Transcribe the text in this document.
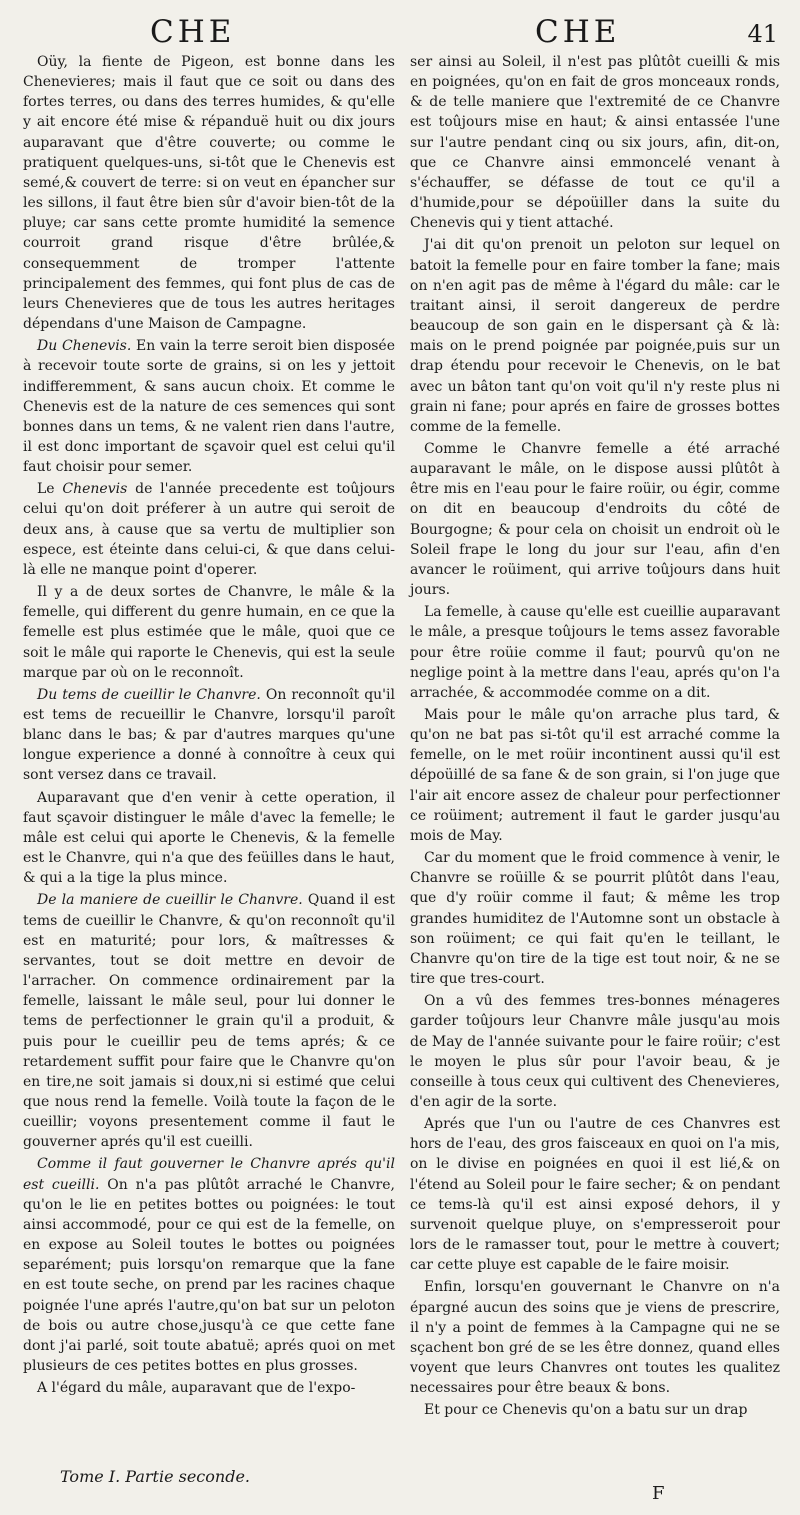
CHE	CHE	41

Oüy, la fiente de Pigeon, est bonne dans les Chenevieres; mais il faut que ce soit ou dans des fortes terres, ou dans des terres humides, & qu'elle y ait encore été mise & répanduë huit ou dix jours auparavant que d'être couverte; ou comme le pratiquent quelques-uns, si-tôt que le Chenevis est semé,& couvert de terre: si on veut en épancher sur les sillons, il faut être bien sûr d'avoir bien-tôt de la pluye; car sans cette promte humidité la semence courroit grand risque d'être brûlée,& consequemment de tromper l'attente principalement des femmes, qui font plus de cas de leurs Chenevieres que de tous les autres heritages dépendans d'une Maison de Campagne.

Du Chenevis. En vain la terre seroit bien disposée à recevoir toute sorte de grains, si on les y jettoit indifferemment, & sans aucun choix. Et comme le Chenevis est de la nature de ces semences qui sont bonnes dans un tems, & ne valent rien dans l'autre, il est donc important de sçavoir quel est celui qu'il faut choisir pour semer.

Le Chenevis de l'année precedente est toûjours celui qu'on doit préferer à un autre qui seroit de deux ans, à cause que sa vertu de multiplier son espece, est éteinte dans celui-ci, & que dans celui-là elle ne manque point d'operer.

Il y a de deux sortes de Chanvre, le mâle & la femelle, qui different du genre humain, en ce que la femelle est plus estimée que le mâle, quoi que ce soit le mâle qui raporte le Chenevis, qui est la seule marque par où on le reconnoît.

Du tems de cueillir le Chanvre. On reconnoît qu'il est tems de recueillir le Chanvre, lorsqu'il paroît blanc dans le bas; & par d'autres marques qu'une longue experience a donné à connoître à ceux qui sont versez dans ce travail.

Auparavant que d'en venir à cette operation, il faut sçavoir distinguer le mâle d'avec la femelle; le mâle est celui qui aporte le Chenevis, & la femelle est le Chanvre, qui n'a que des feüilles dans le haut, & qui a la tige la plus mince.

De la maniere de cueillir le Chanvre. Quand il est tems de cueillir le Chanvre, & qu'on reconnoît qu'il est en maturité; pour lors, & maîtresses & servantes, tout se doit mettre en devoir de l'arracher. On commence ordinairement par la femelle, laissant le mâle seul, pour lui donner le tems de perfectionner le grain qu'il a produit, & puis pour le cueillir peu de tems aprés; & ce retardement suffit pour faire que le Chanvre qu'on en tire,ne soit jamais si doux,ni si estimé que celui que nous rend la femelle. Voilà toute la façon de le cueillir; voyons presentement comme il faut le gouverner aprés qu'il est cueilli.

Comme il faut gouverner le Chanvre aprés qu'il est cueilli. On n'a pas plûtôt arraché le Chanvre, qu'on le lie en petites bottes ou poignées: le tout ainsi accommodé, pour ce qui est de la femelle, on en expose au Soleil toutes le bottes ou poignées separément; puis lorsqu'on remarque que la fane en est toute seche, on prend par les racines chaque poignée l'une aprés l'autre,qu'on bat sur un peloton de bois ou autre chose,jusqu'à ce que cette fane dont j'ai parlé, soit toute abatuë; aprés quoi on met plusieurs de ces petites bottes en plus grosses.

A l'égard du mâle, auparavant que de l'expo-

ser ainsi au Soleil, il n'est pas plûtôt cueilli & mis en poignées, qu'on en fait de gros monceaux ronds, & de telle maniere que l'extremité de ce Chanvre est toûjours mise en haut; & ainsi entassée l'une sur l'autre pendant cinq ou six jours, afin, dit-on, que ce Chanvre ainsi emmoncelé venant à s'échauffer, se défasse de tout ce qu'il a d'humide,pour se dépoüiller dans la suite du Chenevis qui y tient attaché.

J'ai dit qu'on prenoit un peloton sur lequel on batoit la femelle pour en faire tomber la fane; mais on n'en agit pas de même à l'égard du mâle: car le traitant ainsi, il seroit dangereux de perdre beaucoup de son gain en le dispersant çà & là: mais on le prend poignée par poignée,puis sur un drap étendu pour recevoir le Chenevis, on le bat avec un bâton tant qu'on voit qu'il n'y reste plus ni grain ni fane; pour aprés en faire de grosses bottes comme de la femelle.

Comme le Chanvre femelle a été arraché auparavant le mâle, on le dispose aussi plûtôt à être mis en l'eau pour le faire roüir, ou égir, comme on dit en beaucoup d'endroits du côté de Bourgogne; & pour cela on choisit un endroit où le Soleil frape le long du jour sur l'eau, afin d'en avancer le roüiment, qui arrive toûjours dans huit jours.

La femelle, à cause qu'elle est cueillie auparavant le mâle, a presque toûjours le tems assez favorable pour être roüie comme il faut; pourvû qu'on ne neglige point à la mettre dans l'eau, aprés qu'on l'a arrachée, & accommodée comme on a dit.

Mais pour le mâle qu'on arrache plus tard, & qu'on ne bat pas si-tôt qu'il est arraché comme la femelle, on le met roüir incontinent aussi qu'il est dépoüillé de sa fane & de son grain, si l'on juge que l'air ait encore assez de chaleur pour perfectionner ce roüiment; autrement il faut le garder jusqu'au mois de May.

Car du moment que le froid commence à venir, le Chanvre se roüille & se pourrit plûtôt dans l'eau, que d'y roüir comme il faut; & même les trop grandes humiditez de l'Automne sont un obstacle à son roüiment; ce qui fait qu'en le teillant, le Chanvre qu'on tire de la tige est tout noir, & ne se tire que tres-court.

On a vû des femmes tres-bonnes ménageres garder toûjours leur Chanvre mâle jusqu'au mois de May de l'année suivante pour le faire roüir; c'est le moyen le plus sûr pour l'avoir beau, & je conseille à tous ceux qui cultivent des Chenevieres, d'en agir de la sorte.

Aprés que l'un ou l'autre de ces Chanvres est hors de l'eau, des gros faisceaux en quoi on l'a mis, on le divise en poignées en quoi il est lié,& on l'étend au Soleil pour le faire secher; & on pendant ce tems-là qu'il est ainsi exposé dehors, il y survenoit quelque pluye, on s'empresseroit pour lors de le ramasser tout, pour le mettre à couvert; car cette pluye est capable de le faire moisir.

Enfin, lorsqu'en gouvernant le Chanvre on n'a épargné aucun des soins que je viens de prescrire, il n'y a point de femmes à la Campagne qui ne se sçachent bon gré de se les être donnez, quand elles voyent que leurs Chanvres ont toutes les qualitez necessaires pour être beaux & bons.

Et pour ce Chenevis qu'on a batu sur un drap

Tome I. Partie seconde.
F
